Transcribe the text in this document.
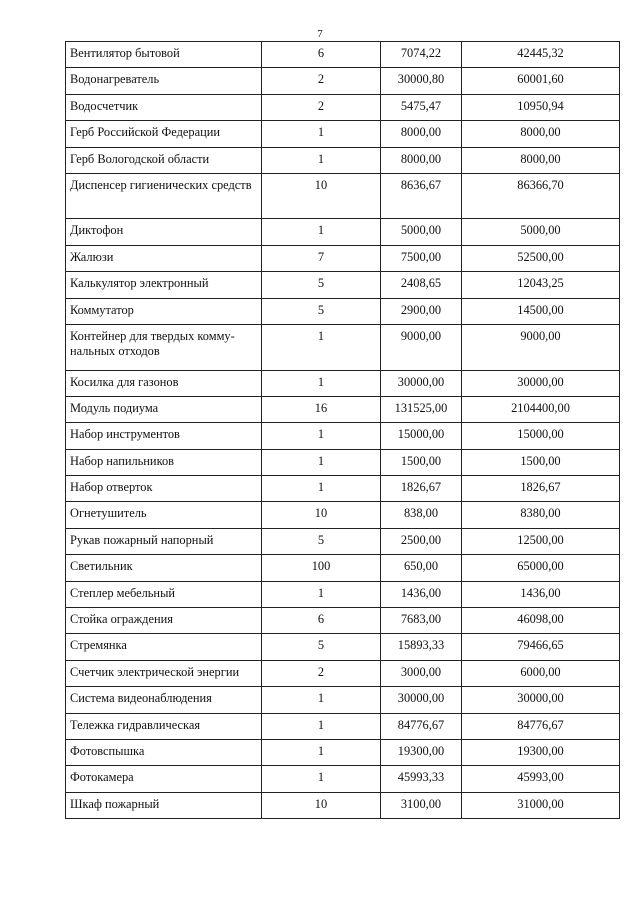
7
Вентилятор бытовой	6	7074,22	42445,32
Водонагреватель	2	30000,80	60001,60
Водосчетчик	2	5475,47	10950,94
Герб Российской Федерации	1	8000,00	8000,00
Герб Вологодской области	1	8000,00	8000,00
Диспенсер гигиенических средств	10	8636,67	86366,70
Диктофон	1	5000,00	5000,00
Жалюзи	7	7500,00	52500,00
Калькулятор электронный	5	2408,65	12043,25
Коммутатор	5	2900,00	14500,00
Контейнер для твердых комму-нальных отходов	1	9000,00	9000,00
Косилка для газонов	1	30000,00	30000,00
Модуль подиума	16	131525,00	2104400,00
Набор инструментов	1	15000,00	15000,00
Набор напильников	1	1500,00	1500,00
Набор отверток	1	1826,67	1826,67
Огнетушитель	10	838,00	8380,00
Рукав пожарный напорный	5	2500,00	12500,00
Светильник	100	650,00	65000,00
Степлер мебельный	1	1436,00	1436,00
Стойка ограждения	6	7683,00	46098,00
Стремянка	5	15893,33	79466,65
Счетчик электрической энергии	2	3000,00	6000,00
Система видеонаблюдения	1	30000,00	30000,00
Тележка гидравлическая	1	84776,67	84776,67
Фотовспышка	1	19300,00	19300,00
Фотокамера	1	45993,33	45993,00
Шкаф пожарный	10	3100,00	31000,00
